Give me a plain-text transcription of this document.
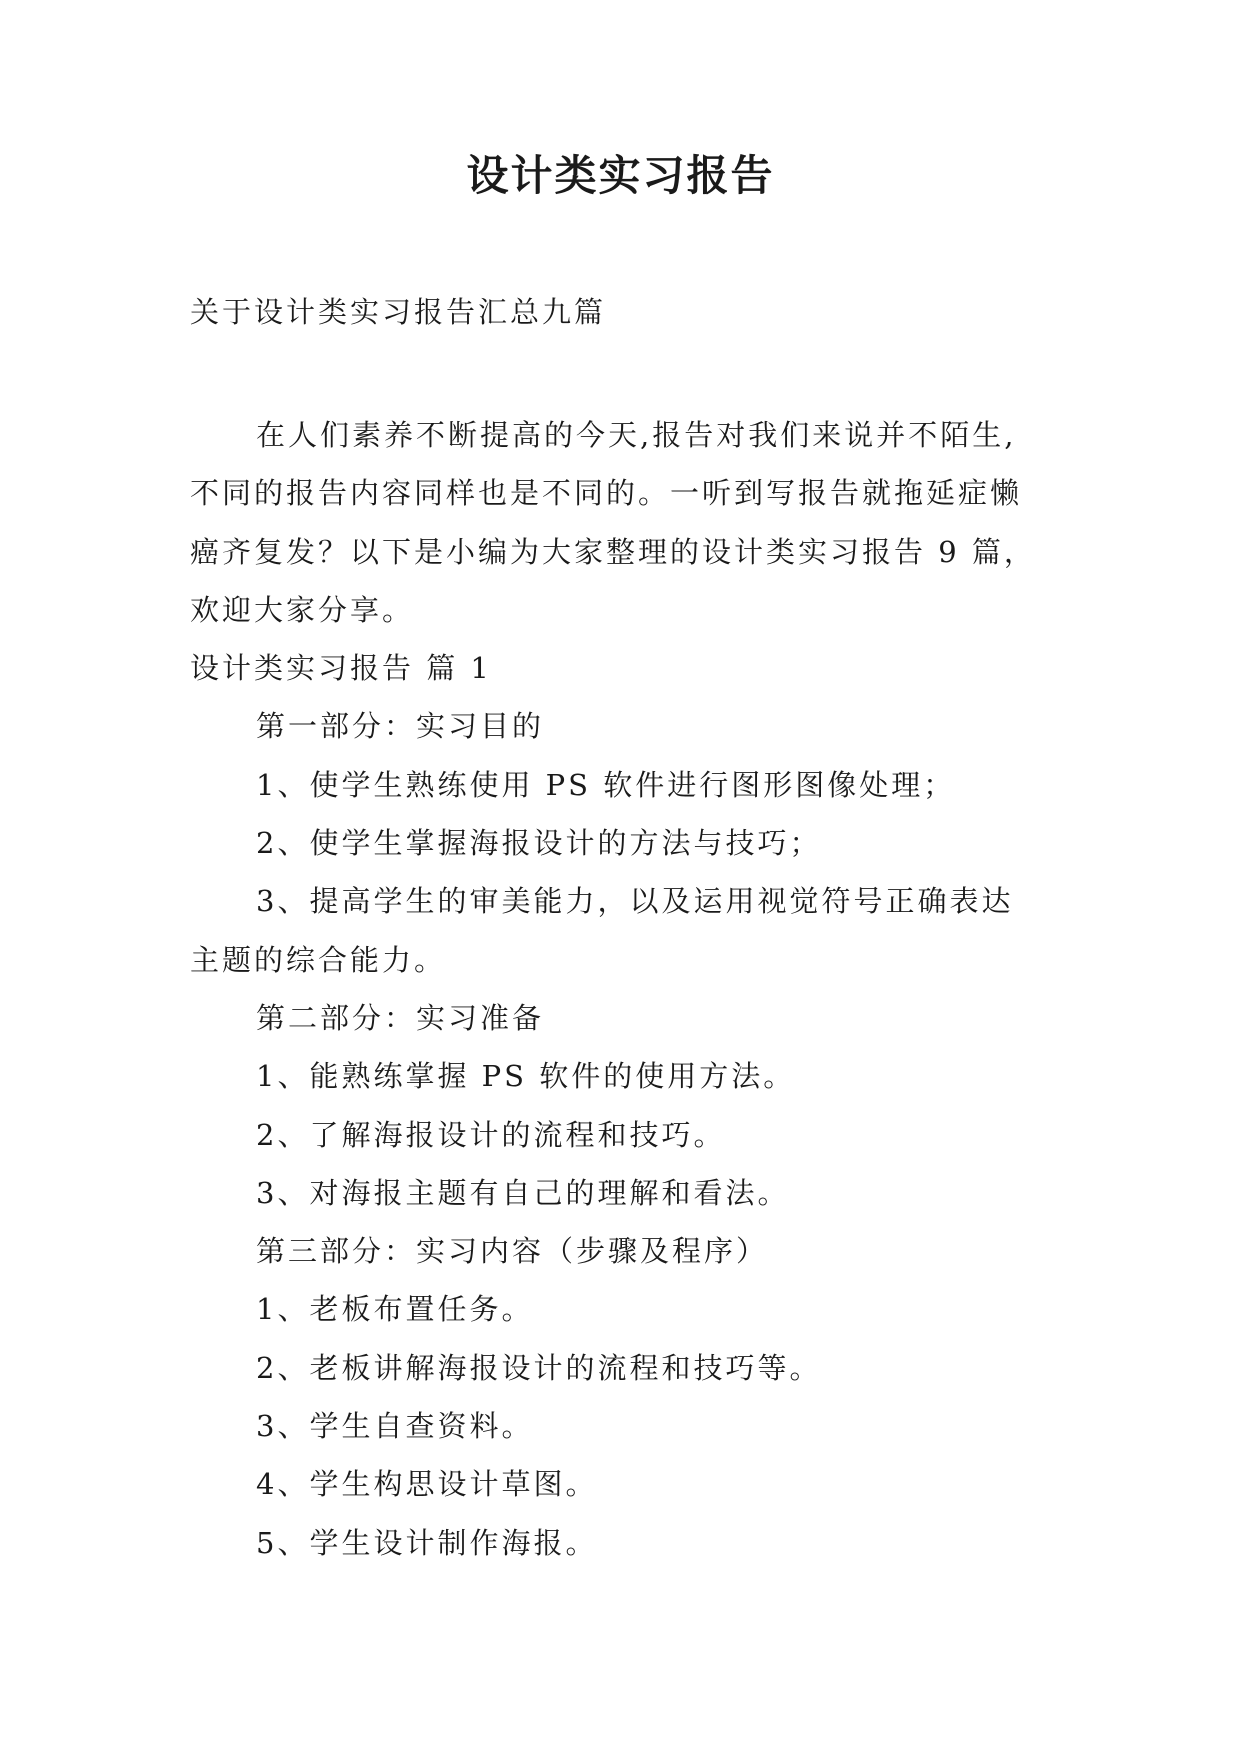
设计类实习报告

关于设计类实习报告汇总九篇

在人们素养不断提高的今天,报告对我们来说并不陌生,

不同的报告内容同样也是不同的。一听到写报告就拖延症懒

癌齐复发？以下是小编为大家整理的设计类实习报告 9 篇，

欢迎大家分享。

设计类实习报告 篇 1

第一部分：实习目的

1、使学生熟练使用 PS 软件进行图形图像处理；

2、使学生掌握海报设计的方法与技巧；

3、提高学生的审美能力，以及运用视觉符号正确表达

主题的综合能力。

第二部分：实习准备

1、能熟练掌握 PS 软件的使用方法。

2、了解海报设计的流程和技巧。

3、对海报主题有自己的理解和看法。

第三部分：实习内容（步骤及程序）

1、老板布置任务。

2、老板讲解海报设计的流程和技巧等。

3、学生自查资料。

4、学生构思设计草图。

5、学生设计制作海报。
